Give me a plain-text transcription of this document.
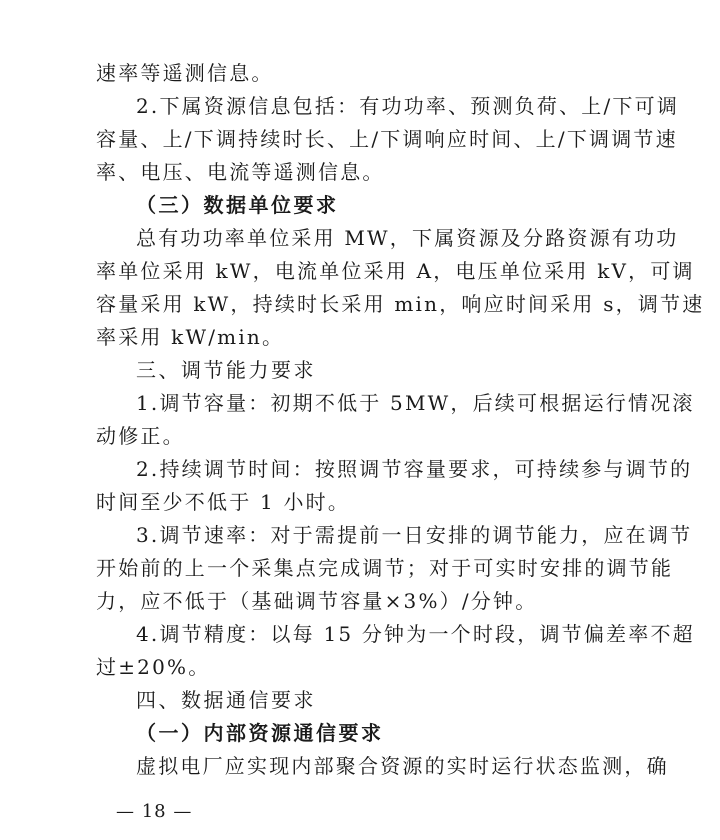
速率等遥测信息。
2.下属资源信息包括：有功功率、预测负荷、上/下可调
容量、上/下调持续时长、上/下调响应时间、上/下调调节速
率、电压、电流等遥测信息。
（三）数据单位要求
总有功功率单位采用 MW，下属资源及分路资源有功功
率单位采用 kW，电流单位采用 A，电压单位采用 kV，可调
容量采用 kW，持续时长采用 min，响应时间采用 s，调节速
率采用 kW/min。
三、调节能力要求
1.调节容量：初期不低于 5MW，后续可根据运行情况滚
动修正。
2.持续调节时间：按照调节容量要求，可持续参与调节的
时间至少不低于 1 小时。
3.调节速率：对于需提前一日安排的调节能力，应在调节
开始前的上一个采集点完成调节；对于可实时安排的调节能
力，应不低于（基础调节容量×3%）/分钟。
4.调节精度：以每 15 分钟为一个时段，调节偏差率不超
过±20%。
四、数据通信要求
（一）内部资源通信要求
虚拟电厂应实现内部聚合资源的实时运行状态监测，确
— 18 —
